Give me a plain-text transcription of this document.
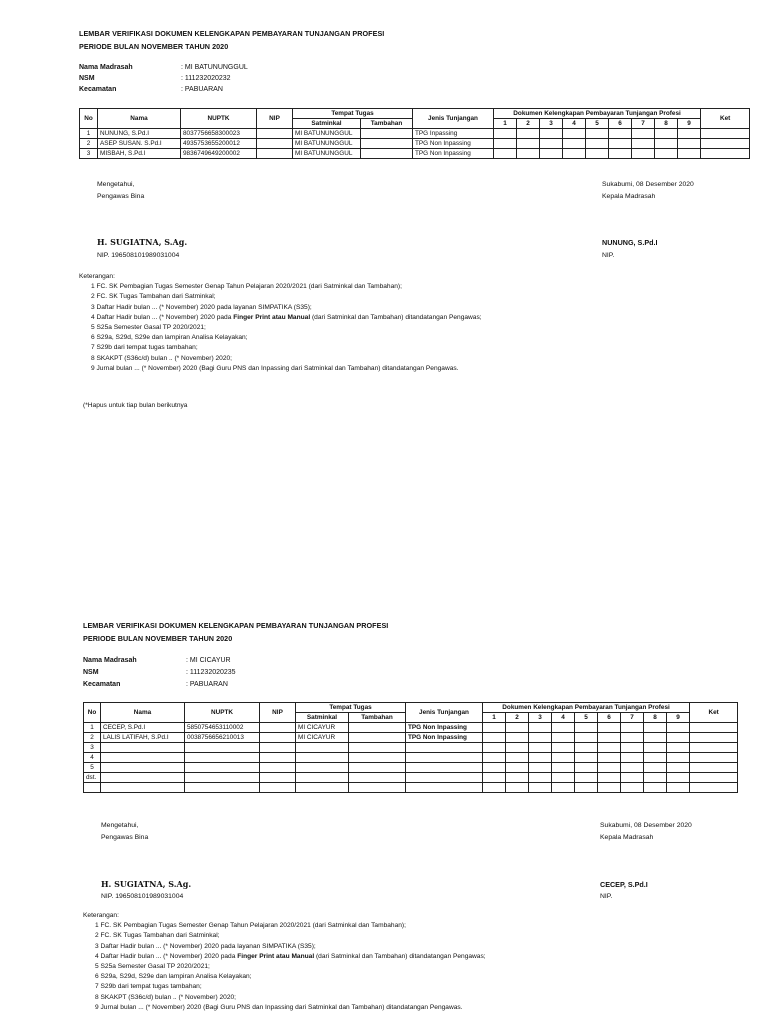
LEMBAR VERIFIKASI DOKUMEN KELENGKAPAN PEMBAYARAN TUNJANGAN PROFESI
PERIODE BULAN NOVEMBER TAHUN 2020
Nama Madrasah	: MI BATUNUNGGUL
NSM	: 111232020232
Kecamatan	: PABUARAN
No	Nama	NUPTK	NIP	Tempat Tugas		Jenis Tunjangan	Dokumen Kelengkapan Pembayaran Tunjangan Profesi									Ket
				Satminkal	Tambahan		1	2	3	4	5	6	7	8	9	
1	NUNUNG, S.Pd.I	8037756658300023		MI BATUNUNGGUL		TPG Inpassing										
2	ASEP SUSAN. S.Pd.I	4935753655200012		MI BATUNUNGGUL		TPG Non Inpassing										
3	MISBAH, S.Pd.I	9836749649200002		MI BATUNUNGGUL		TPG Non Inpassing										
Mengetahui,
Pengawas Bina
H. SUGIATNA, S.Ag.
NIP. 196508101989031004
Sukabumi, 08 Desember 2020
Kepala Madrasah
NUNUNG, S.Pd.I
NIP.
Keterangan:
1 FC. SK Pembagian Tugas Semester Genap Tahun Pelajaran 2020/2021 (dari Satminkal dan Tambahan);
2 FC. SK Tugas Tambahan dari Satminkal;
3 Daftar Hadir bulan ... (* November) 2020 pada layanan SIMPATIKA (S35);
4 Daftar Hadir bulan ... (* November) 2020 pada Finger Print atau Manual (dari Satminkal dan Tambahan) ditandatangan Pengawas;
5 S25a Semester Gasal TP 2020/2021;
6 S29a, S29d, S29e dan lampiran Analisa Kelayakan;
7 S29b dari tempat tugas tambahan;
8 SKAKPT (S36c/d) bulan .. (* November) 2020;
9 Jurnal bulan ... (* November) 2020 (Bagi Guru PNS dan Inpassing dari Satminkal dan Tambahan) ditandatangan Pengawas.
(*Hapus untuk tiap bulan berikutnya
LEMBAR VERIFIKASI DOKUMEN KELENGKAPAN PEMBAYARAN TUNJANGAN PROFESI
PERIODE BULAN NOVEMBER TAHUN 2020
Nama Madrasah	: MI CICAYUR
NSM	: 111232020235
Kecamatan	: PABUARAN
No	Nama	NUPTK	NIP	Tempat Tugas		Jenis Tunjangan	Dokumen Kelengkapan Pembayaran Tunjangan Profesi									Ket
				Satminkal	Tambahan		1	2	3	4	5	6	7	8	9	
1	CECEP, S.Pd.I	5850754653110002		MI CICAYUR		TPG Non Inpassing										
2	LALIS LATIFAH, S.Pd.I	0038756656210013		MI CICAYUR		TPG Non Inpassing										
3																
4																
5																
dst.																

Mengetahui,
Pengawas Bina
H. SUGIATNA, S.Ag.
NIP. 196508101989031004
Sukabumi, 08 Desember 2020
Kepala Madrasah
CECEP, S.Pd.I
NIP.
Keterangan:
1 FC. SK Pembagian Tugas Semester Genap Tahun Pelajaran 2020/2021 (dari Satminkal dan Tambahan);
2 FC. SK Tugas Tambahan dari Satminkal;
3 Daftar Hadir bulan ... (* November) 2020 pada layanan SIMPATIKA (S35);
4 Daftar Hadir bulan ... (* November) 2020 pada Finger Print atau Manual (dari Satminkal dan Tambahan) ditandatangan Pengawas;
5 S25a Semester Gasal TP 2020/2021;
6 S29a, S29d, S29e dan lampiran Analisa Kelayakan;
7 S29b dari tempat tugas tambahan;
8 SKAKPT (S36c/d) bulan .. (* November) 2020;
9 Jurnal bulan ... (* November) 2020 (Bagi Guru PNS dan Inpassing dari Satminkal dan Tambahan) ditandatangan Pengawas.
